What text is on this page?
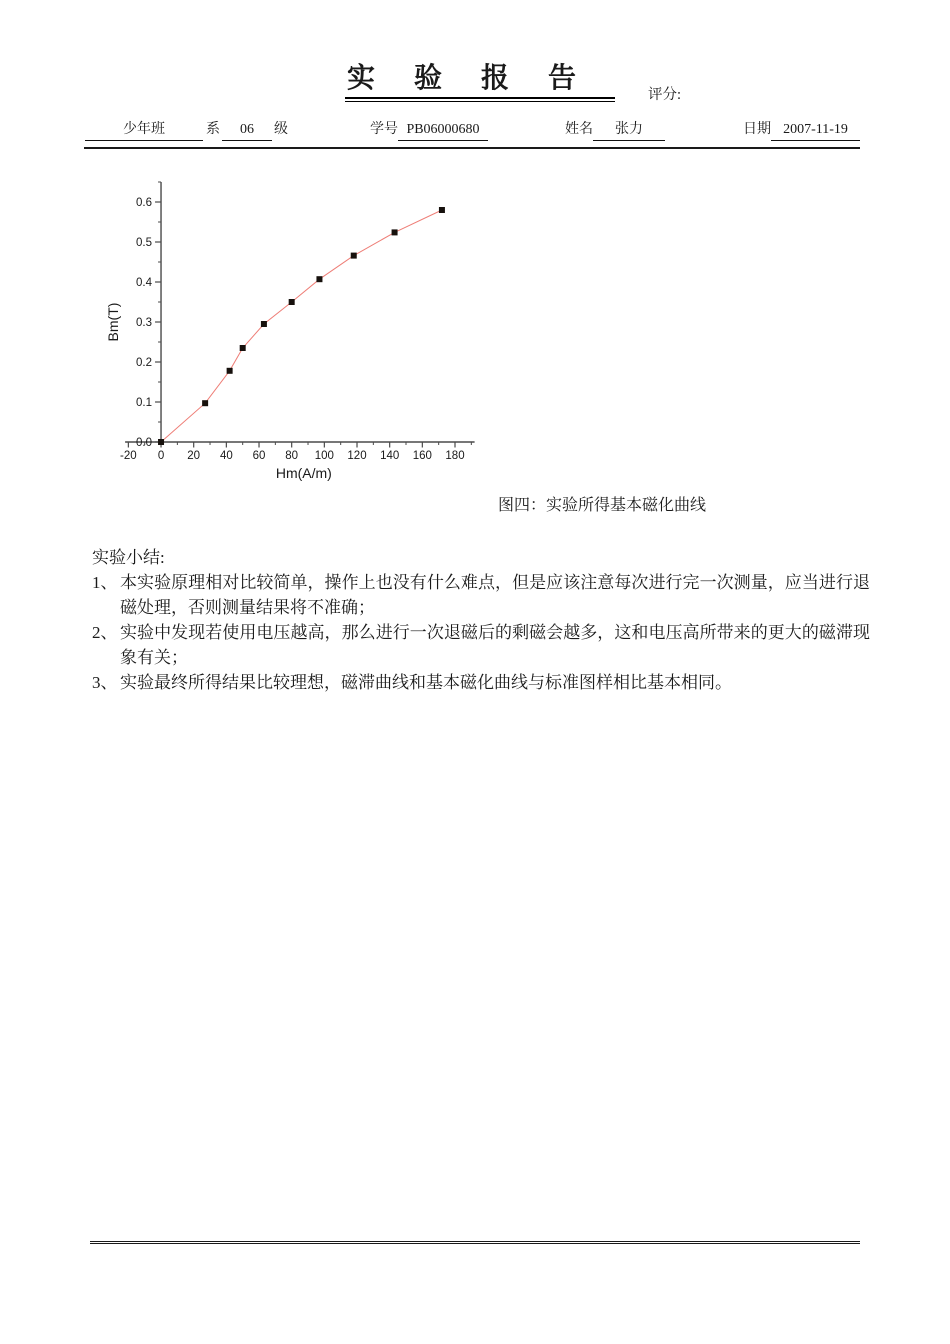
实验报告
评分:
少年班	系	06	级	学号 PB06000680	姓名	张力	日期 2007-11-19
-20 0 20 40 60 80 100 120 140 160 180
0.0
0.1
0.2
0.3
0.4
0.5
0.6
Hm(A/m)
Bm(T)
图四：实验所得基本磁化曲线
实验小结:
1、 本实验原理相对比较简单，操作上也没有什么难点，但是应该注意每次进行完一次测量，应当进行退磁处理，否则测量结果将不准确；
2、 实验中发现若使用电压越高，那么进行一次退磁后的剩磁会越多，这和电压高所带来的更大的磁滞现象有关；
3、 实验最终所得结果比较理想，磁滞曲线和基本磁化曲线与标准图样相比基本相同。
